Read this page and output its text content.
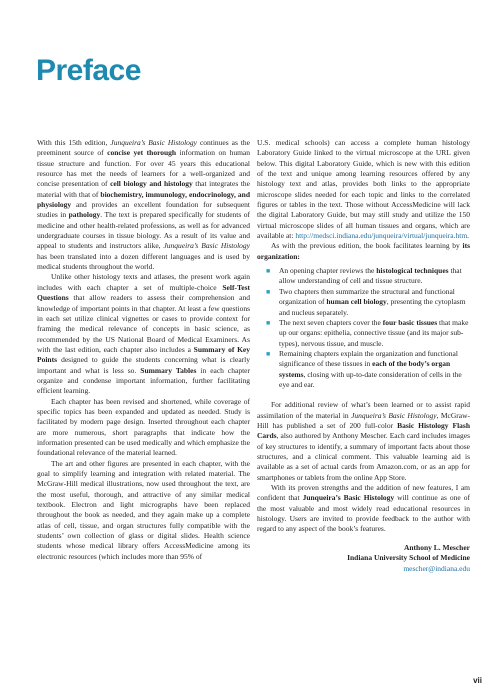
Preface

With this 15th edition, Junqueira’s Basic Histology continues as the preeminent source of concise yet thorough information on human tissue structure and function. For over 45 years this educational resource has met the needs of learners for a well-organized and concise presentation of cell biology and histology that integrates the material with that of biochemistry, immunology, endocrinology, and physiology and provides an excellent foundation for subsequent studies in pathology. The text is prepared specifically for students of medicine and other health-related professions, as well as for advanced undergraduate courses in tissue biology. As a result of its value and appeal to students and instructors alike, Junqueira’s Basic Histology has been translated into a dozen different languages and is used by medical students throughout the world.

Unlike other histology texts and atlases, the present work again includes with each chapter a set of multiple-choice Self-Test Questions that allow readers to assess their comprehension and knowledge of important points in that chapter. At least a few questions in each set utilize clinical vignettes or cases to provide context for framing the medical relevance of concepts in basic science, as recommended by the US National Board of Medical Examiners. As with the last edition, each chapter also includes a Summary of Key Points designed to guide the students concerning what is clearly important and what is less so. Summary Tables in each chapter organize and condense important information, further facilitating efficient learning.

Each chapter has been revised and shortened, while coverage of specific topics has been expanded and updated as needed. Study is facilitated by modern page design. Inserted throughout each chapter are more numerous, short paragraphs that indicate how the information presented can be used medically and which emphasize the foundational relevance of the material learned.

The art and other figures are presented in each chapter, with the goal to simplify learning and integration with related material. The McGraw-Hill medical illustrations, now used throughout the text, are the most useful, thorough, and attractive of any similar medical textbook. Electron and light micrographs have been replaced throughout the book as needed, and they again make up a complete atlas of cell, tissue, and organ structures fully compatible with the students’ own collection of glass or digital slides. Health science students whose medical library offers AccessMedicine among its electronic resources (which includes more than 95% of

U.S. medical schools) can access a complete human histology Laboratory Guide linked to the virtual microscope at the URL given below. This digital Laboratory Guide, which is new with this edition of the text and unique among learning resources offered by any histology text and atlas, provides both links to the appropriate microscope slides needed for each topic and links to the correlated figures or tables in the text. Those without AccessMedicine will lack the digital Laboratory Guide, but may still study and utilize the 150 virtual microscope slides of all human tissues and organs, which are available at: http://medsci.indiana.edu/junqueira/virtual/junqueira.htm.

As with the previous edition, the book facilitates learning by its organization:

■ An opening chapter reviews the histological techniques that allow understanding of cell and tissue structure.
■ Two chapters then summarize the structural and functional organization of human cell biology, presenting the cytoplasm and nucleus separately.
■ The next seven chapters cover the four basic tissues that make up our organs: epithelia, connective tissue (and its major sub-types), nervous tissue, and muscle.
■ Remaining chapters explain the organization and functional significance of these tissues in each of the body’s organ systems, closing with up-to-date consideration of cells in the eye and ear.

For additional review of what’s been learned or to assist rapid assimilation of the material in Junqueira’s Basic Histology, McGraw-Hill has published a set of 200 full-color Basic Histology Flash Cards, also authored by Anthony Mescher. Each card includes images of key structures to identify, a summary of important facts about those structures, and a clinical comment. This valuable learning aid is available as a set of actual cards from Amazon.com, or as an app for smartphones or tablets from the online App Store.

With its proven strengths and the addition of new features, I am confident that Junqueira’s Basic Histology will continue as one of the most valuable and most widely read educational resources in histology. Users are invited to provide feedback to the author with regard to any aspect of the book’s features.

Anthony L. Mescher
Indiana University School of Medicine
mescher@indiana.edu
vii
